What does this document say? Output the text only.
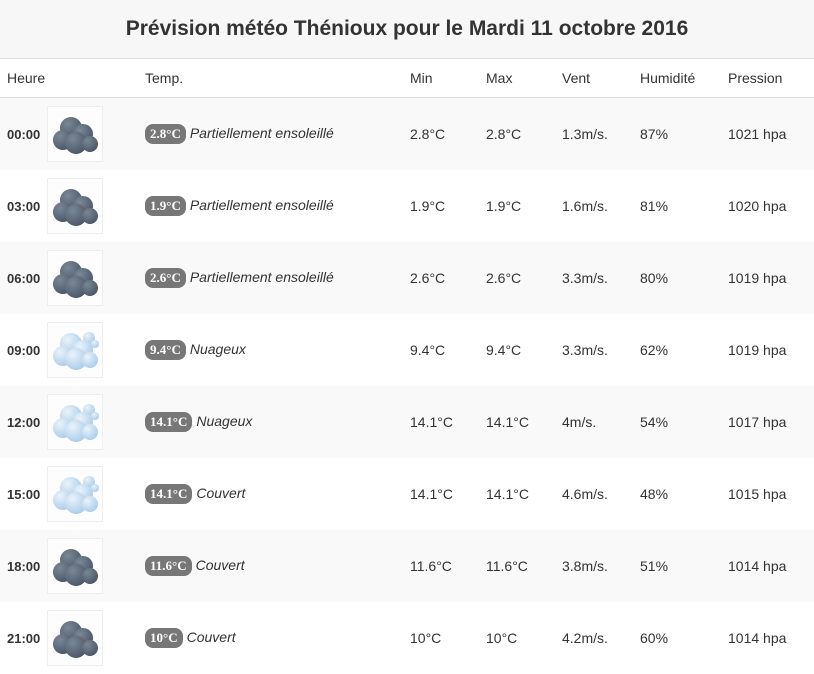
Prévision météo Thénioux pour le Mardi 11 octobre 2016
Heure	Temp.	Min	Max	Vent	Humidité	Pression

00:00	2.8°C Partiellement ensoleillé	2.8°C	2.8°C	1.3m/s.	87%	1021 hpa

03:00	1.9°C Partiellement ensoleillé	1.9°C	1.9°C	1.6m/s.	81%	1020 hpa

06:00	2.6°C Partiellement ensoleillé	2.6°C	2.6°C	3.3m/s.	80%	1019 hpa

09:00	9.4°C Nuageux	9.4°C	9.4°C	3.3m/s.	62%	1019 hpa

12:00	14.1°C Nuageux	14.1°C	14.1°C	4m/s.	54%	1017 hpa

15:00	14.1°C Couvert	14.1°C	14.1°C	4.6m/s.	48%	1015 hpa

18:00	11.6°C Couvert	11.6°C	11.6°C	3.8m/s.	51%	1014 hpa

21:00	10°C Couvert	10°C	10°C	4.2m/s.	60%	1014 hpa
